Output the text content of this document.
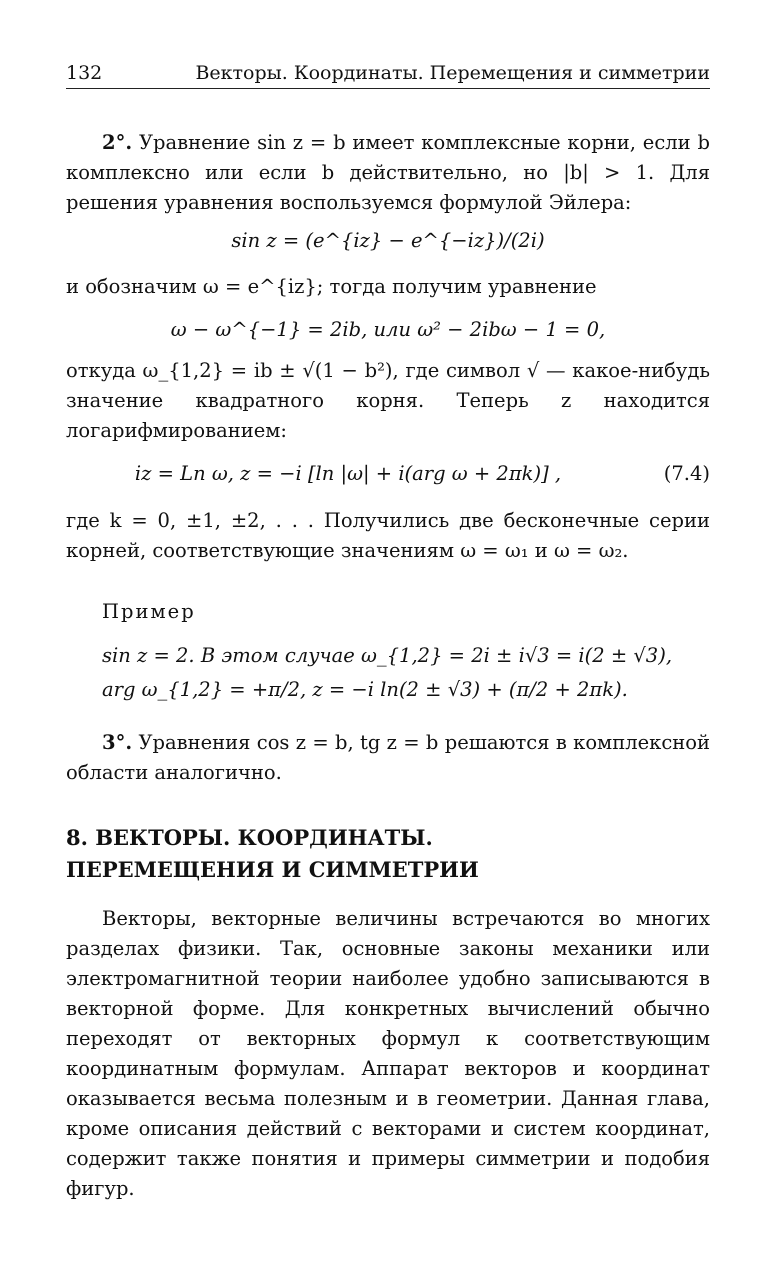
132	Векторы. Координаты. Перемещения и симметрии
2°. Уравнение sin z = b имеет комплексные корни, если b комплексно или если b действительно, но |b| > 1. Для решения уравнения воспользуемся формулой Эйлера:
sin z = (e^{iz} − e^{−iz})/(2i)
и обозначим ω = e^{iz}; тогда получим уравнение
ω − ω^{−1} = 2ib, или ω² − 2ibω − 1 = 0,
откуда ω_{1,2} = ib ± √(1 − b²), где символ √ — какое-нибудь значение квадратного корня. Теперь z находится логарифмированием:
iz = Ln ω, z = −i [ln |ω| + i(arg ω + 2πk)] ,	(7.4)
где k = 0, ±1, ±2, . . . Получились две бесконечные серии корней, соответствующие значениям ω = ω₁ и ω = ω₂.
Пример
sin z = 2. В этом случае ω_{1,2} = 2i ± i√3 = i(2 ± √3),
arg ω_{1,2} = +π/2, z = −i ln(2 ± √3) + (π/2 + 2πk).
3°. Уравнения cos z = b, tg z = b решаются в комплексной области аналогично.
8. ВЕКТОРЫ. КООРДИНАТЫ.
ПЕРЕМЕЩЕНИЯ И СИММЕТРИИ
Векторы, векторные величины встречаются во многих разделах физики. Так, основные законы механики или электромагнитной теории наиболее удобно записываются в векторной форме. Для конкретных вычислений обычно переходят от векторных формул к соответствующим координатным формулам. Аппарат векторов и координат оказывается весьма полезным и в геометрии. Данная глава, кроме описания действий с векторами и систем координат, содержит также понятия и примеры симметрии и подобия фигур.
